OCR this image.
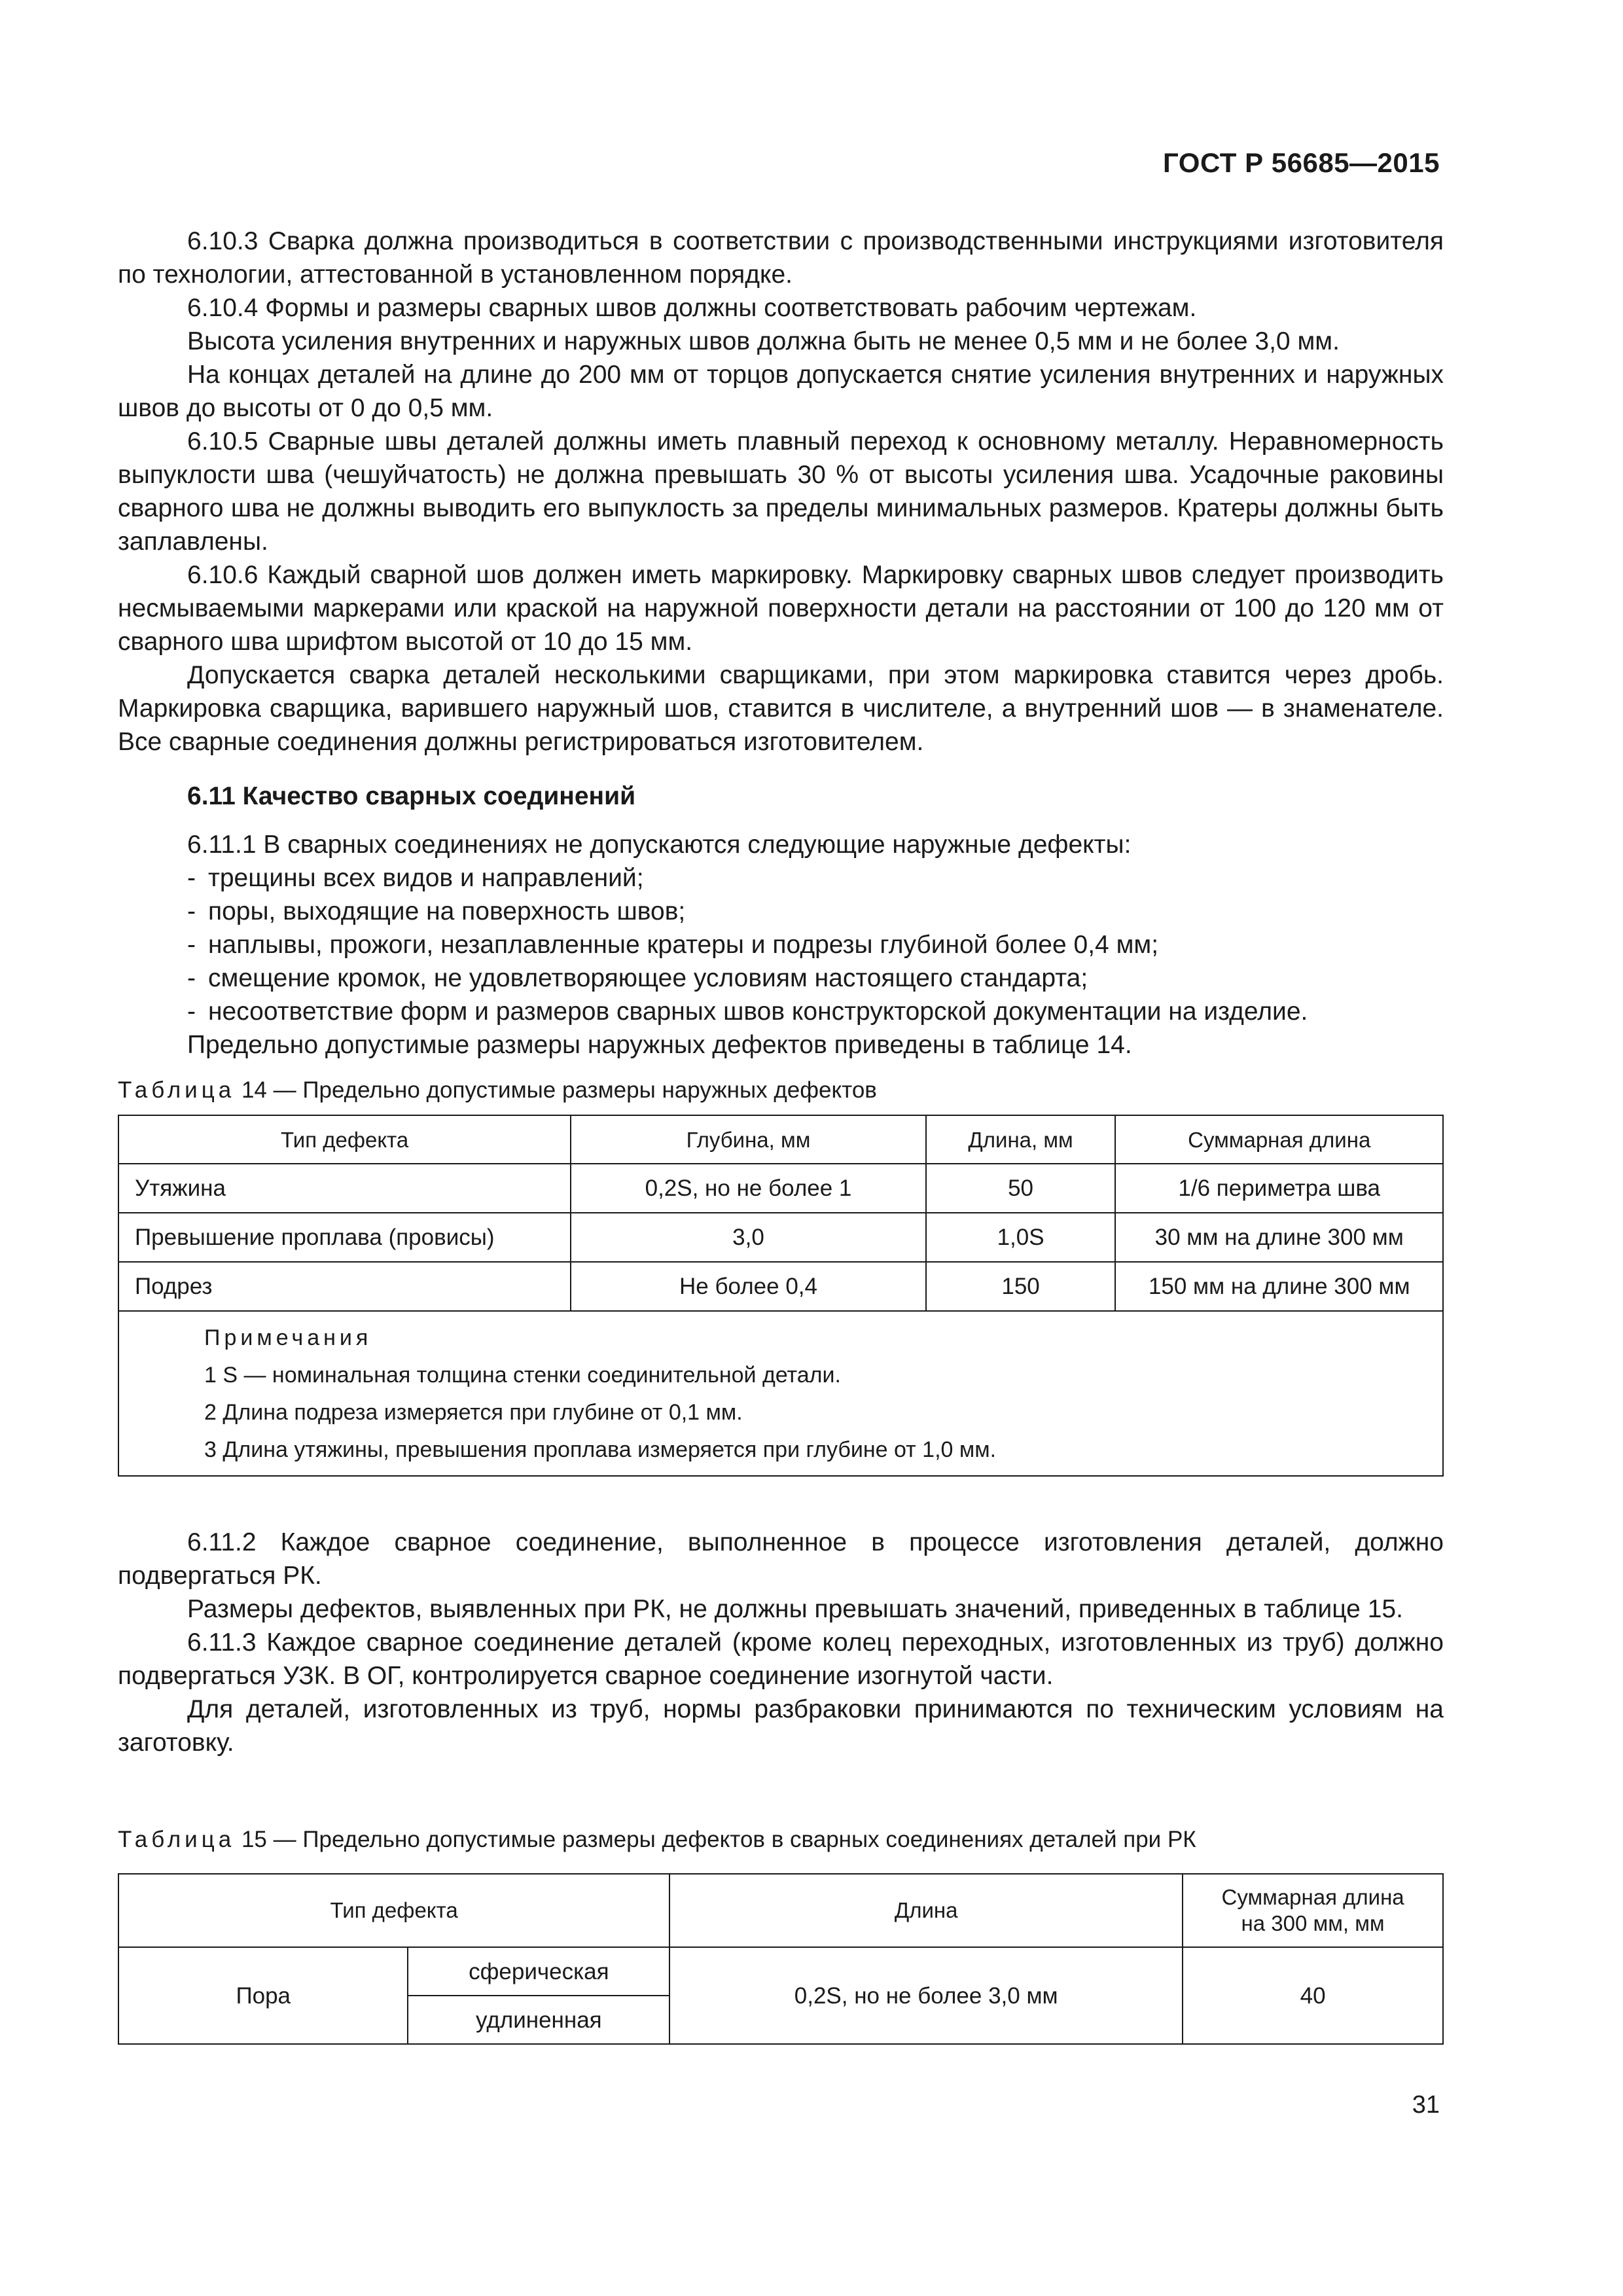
ГОСТ Р 56685—2015

6.10.3 Сварка должна производиться в соответствии с производственными инструкциями изготовителя по технологии, аттестованной в установленном порядке.

6.10.4 Формы и размеры сварных швов должны соответствовать рабочим чертежам.

Высота усиления внутренних и наружных швов должна быть не менее 0,5 мм и не более 3,0 мм.

На концах деталей на длине до 200 мм от торцов допускается снятие усиления внутренних и наружных швов до высоты от 0 до 0,5 мм.

6.10.5 Сварные швы деталей должны иметь плавный переход к основному металлу. Неравномерность выпуклости шва (чешуйчатость) не должна превышать 30 % от высоты усиления шва. Усадочные раковины сварного шва не должны выводить его выпуклость за пределы минимальных размеров. Кратеры должны быть заплавлены.

6.10.6 Каждый сварной шов должен иметь маркировку. Маркировку сварных швов следует производить несмываемыми маркерами или краской на наружной поверхности детали на расстоянии от 100 до 120 мм от сварного шва шрифтом высотой от 10 до 15 мм.

Допускается сварка деталей несколькими сварщиками, при этом маркировка ставится через дробь. Маркировка сварщика, варившего наружный шов, ставится в числителе, а внутренний шов — в знаменателе. Все сварные соединения должны регистрироваться изготовителем.

6.11 Качество сварных соединений

6.11.1 В сварных соединениях не допускаются следующие наружные дефекты:

- трещины всех видов и направлений;
- поры, выходящие на поверхность швов;
- наплывы, прожоги, незаплавленные кратеры и подрезы глубиной более 0,4 мм;
- смещение кромок, не удовлетворяющее условиям настоящего стандарта;
- несоответствие форм и размеров сварных швов конструкторской документации на изделие.

Предельно допустимые размеры наружных дефектов приведены в таблице 14.

Таблица 14 — Предельно допустимые размеры наружных дефектов

Тип дефекта	Глубина, мм	Длина, мм	Суммарная длина
Утяжина	0,2S, но не более 1	50	1/6 периметра шва
Превышение проплава (провисы)	3,0	1,0S	30 мм на длине 300 мм
Подрез	Не более 0,4	150	150 мм на длине 300 мм

Примечания
1 S — номинальная толщина стенки соединительной детали.
2 Длина подреза измеряется при глубине от 0,1 мм.
3 Длина утяжины, превышения проплава измеряется при глубине от 1,0 мм.			

6.11.2 Каждое сварное соединение, выполненное в процессе изготовления деталей, должно подвергаться РК.

Размеры дефектов, выявленных при РК, не должны превышать значений, приведенных в таблице 15.

6.11.3 Каждое сварное соединение деталей (кроме колец переходных, изготовленных из труб) должно подвергаться УЗК. В ОГ, контролируется сварное соединение изогнутой части.

Для деталей, изготовленных из труб, нормы разбраковки принимаются по техническим условиям на заготовку.

Таблица 15 — Предельно допустимые размеры дефектов в сварных соединениях деталей при РК

Тип дефекта		Длина	Суммарная длина на 300 мм, мм
Пора	сферическая	0,2S, но не более 3,0 мм	40
	удлиненная		
31
